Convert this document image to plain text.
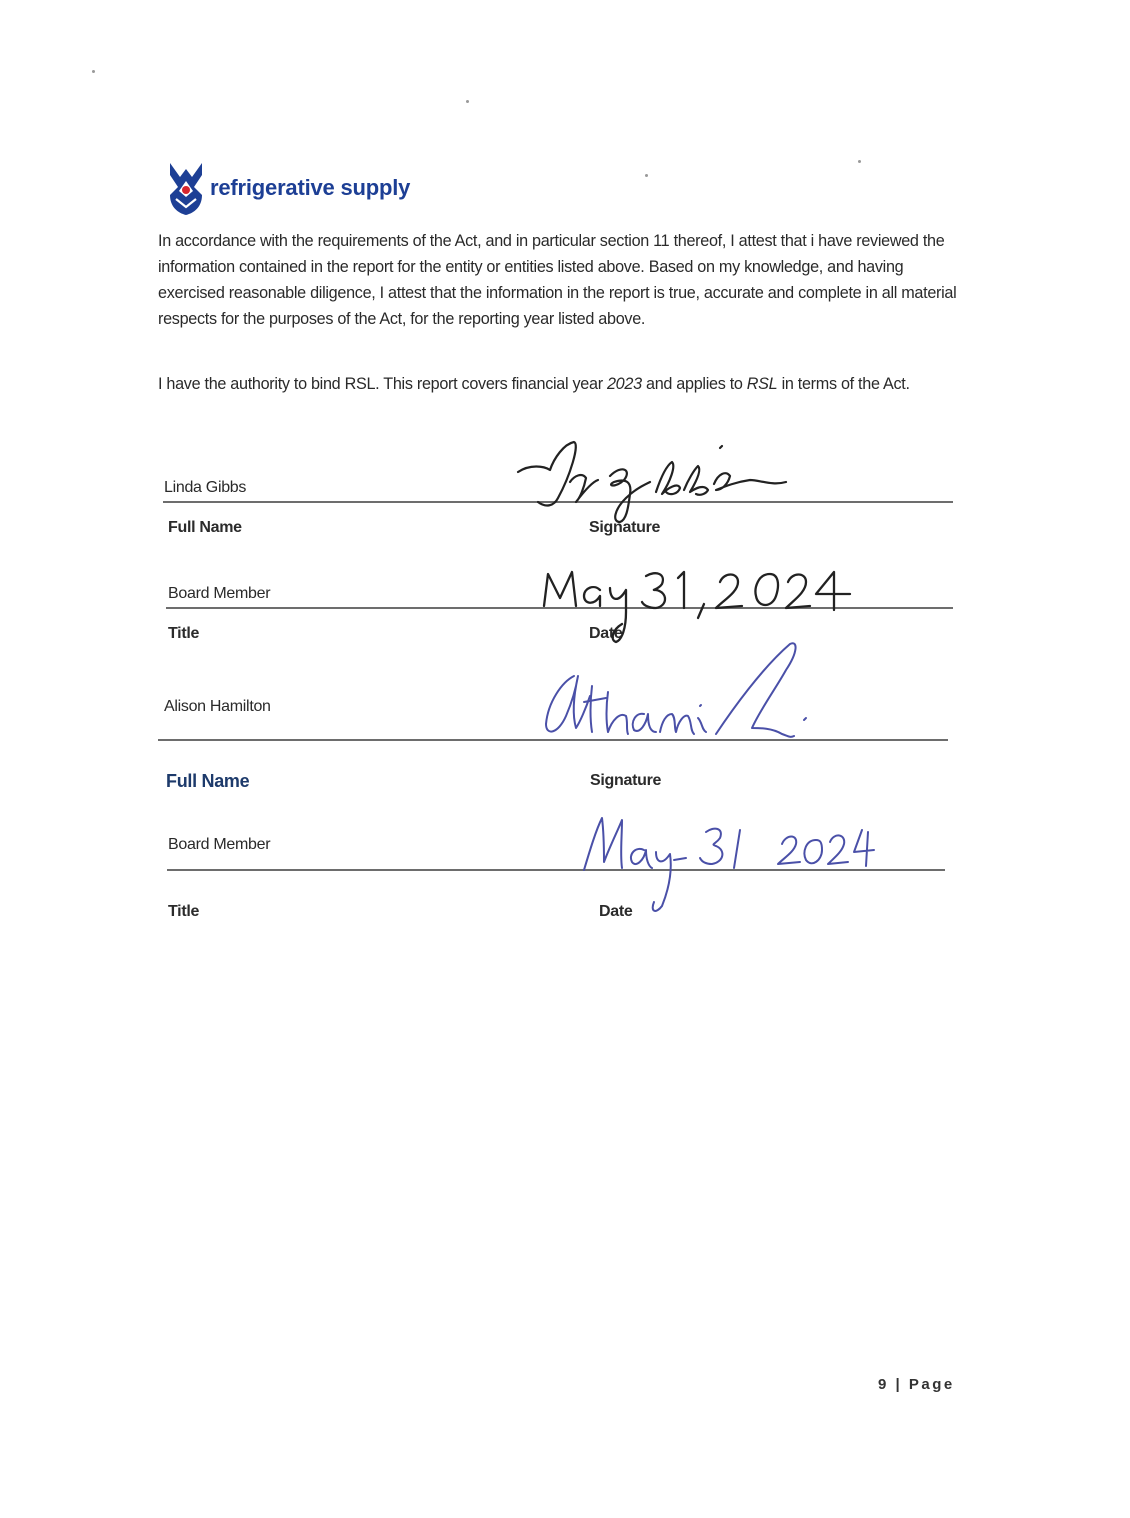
refrigerative supply

In accordance with the requirements of the Act, and in particular section 11 thereof, I attest that i have reviewed the information contained in the report for the entity or entities listed above. Based on my knowledge, and having exercised reasonable diligence, I attest that the information in the report is true, accurate and complete in all material respects for the purposes of the Act, for the reporting year listed above.

I have the authority to bind RSL. This report covers financial year 2023 and applies to RSL in terms of the Act.

Linda Gibbs
Full Name	Signature
Board Member
Title	Date
Alison Hamilton
Full Name	Signature
Board Member
Title	Date
9 | Page
